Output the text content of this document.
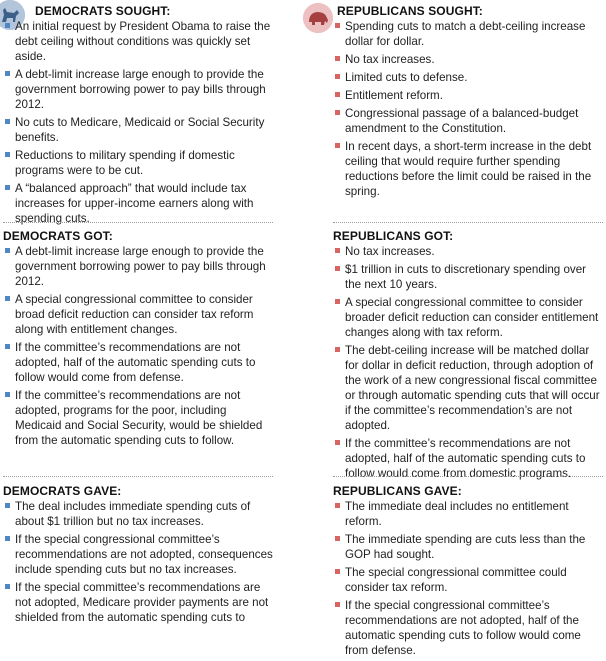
DEMOCRATS SOUGHT:
An initial request by President Obama to raise the debt ceiling without conditions was quickly set aside.
A debt-limit increase large enough to provide the government borrowing power to pay bills through 2012.
No cuts to Medicare, Medicaid or Social Security benefits.
Reductions to military spending if domestic programs were to be cut.
A “balanced approach” that would include tax increases for upper-income earners along with spending cuts.
DEMOCRATS GOT:
A debt-limit increase large enough to provide the government borrowing power to pay bills through 2012.
A special congressional committee to consider broad deficit reduction can consider tax reform along with entitlement changes.
If the committee’s recommendations are not adopted, half of the automatic spending cuts to follow would come from defense.
If the committee’s recommendations are not adopted, programs for the poor, including Medicaid and Social Security, would be shielded from the automatic spending cuts to follow.
DEMOCRATS GAVE:
The deal includes immediate spending cuts of about $1 trillion but no tax increases.
If the special congressional committee’s recommendations are not adopted, consequences include spending cuts but no tax increases.
If the special committee’s recommendations are not adopted, Medicare provider payments are not shielded from the automatic spending cuts to
REPUBLICANS SOUGHT:
Spending cuts to match a debt-ceiling increase dollar for dollar.
No tax increases.
Limited cuts to defense.
Entitlement reform.
Congressional passage of a balanced-budget amendment to the Constitution.
In recent days, a short-term increase in the debt ceiling that would require further spending reductions before the limit could be raised in the spring.
REPUBLICANS GOT:
No tax increases.
$1 trillion in cuts to discretionary spending over the next 10 years.
A special congressional committee to consider broader deficit reduction can consider entitlement changes along with tax reform.
The debt-ceiling increase will be matched dollar for dollar in deficit reduction, through adoption of the work of a new congressional fiscal committee or through automatic spending cuts that will occur if the committee’s recommendation’s are not adopted.
If the committee’s recommendations are not adopted, half of the automatic spending cuts to follow would come from domestic programs.
REPUBLICANS GAVE:
The immediate deal includes no entitlement reform.
The immediate spending are cuts less than the GOP had sought.
The special congressional committee could consider tax reform.
If the special congressional committee’s recommendations are not adopted, half of the automatic spending cuts to follow would come from defense.
